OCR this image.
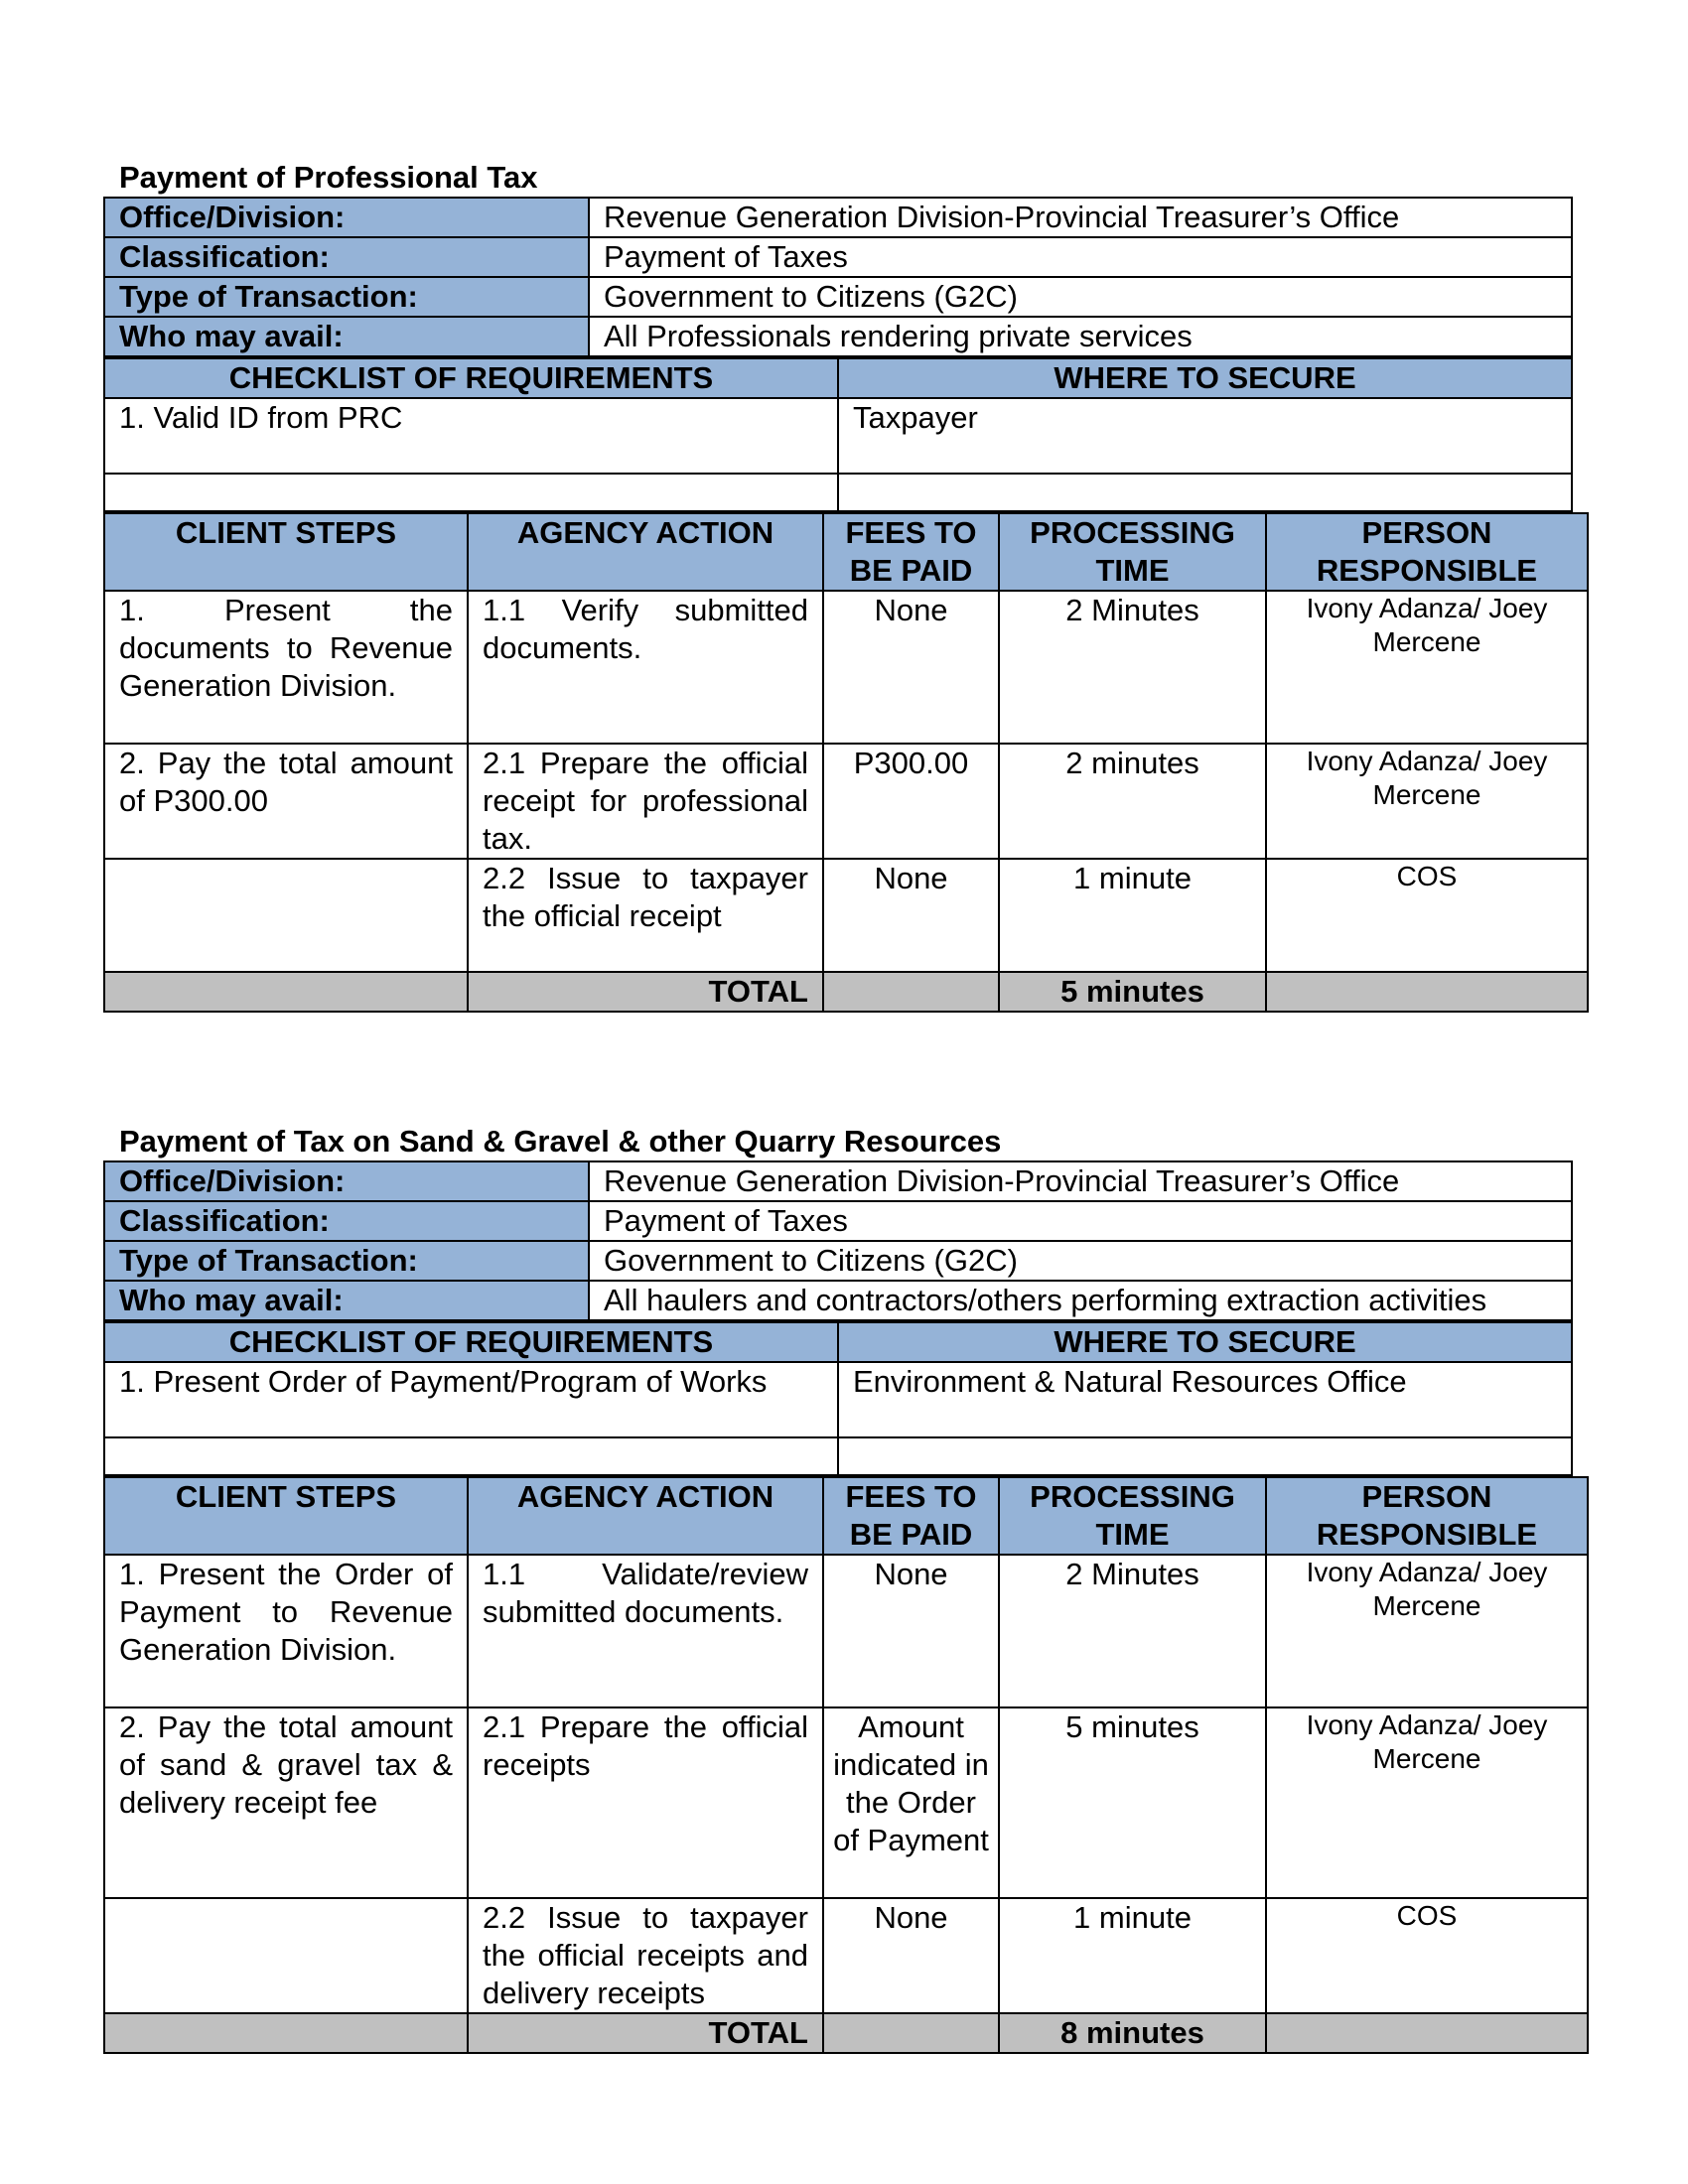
Payment of Professional Tax
Office/Division:	Revenue Generation Division-Provincial Treasurer’s Office
Classification:	Payment of Taxes
Type of Transaction:	Government to Citizens (G2C)
Who may avail:	All Professionals rendering private services
CHECKLIST OF REQUIREMENTS	WHERE TO SECURE
1. Valid ID from PRC	Taxpayer

CLIENT STEPS	AGENCY ACTION	FEES TO BE PAID	PROCESSING TIME	PERSON RESPONSIBLE
1. Present the documents to Revenue Generation Division.	1.1 Verify submitted documents.	None	2 Minutes	Ivony Adanza/ Joey Mercene
2. Pay the total amount of P300.00	2.1 Prepare the official receipt for professional tax.	P300.00	2 minutes	Ivony Adanza/ Joey Mercene
	2.2 Issue to taxpayer the official receipt	None	1 minute	COS
	TOTAL		5 minutes	
Payment of Tax on Sand & Gravel & other Quarry Resources
Office/Division:	Revenue Generation Division-Provincial Treasurer’s Office
Classification:	Payment of Taxes
Type of Transaction:	Government to Citizens (G2C)
Who may avail:	All haulers and contractors/others performing extraction activities
CHECKLIST OF REQUIREMENTS	WHERE TO SECURE
1. Present Order of Payment/Program of Works	Environment & Natural Resources Office

CLIENT STEPS	AGENCY ACTION	FEES TO BE PAID	PROCESSING TIME	PERSON RESPONSIBLE
1. Present the Order of Payment to Revenue Generation Division.	1.1 Validate/review submitted documents.	None	2 Minutes	Ivony Adanza/ Joey Mercene
2. Pay the total amount of sand & gravel tax & delivery receipt fee	2.1 Prepare the official receipts	Amount indicated in the Order of Payment	5 minutes	Ivony Adanza/ Joey Mercene
	2.2 Issue to taxpayer the official receipts and delivery receipts	None	1 minute	COS
	TOTAL		8 minutes	
